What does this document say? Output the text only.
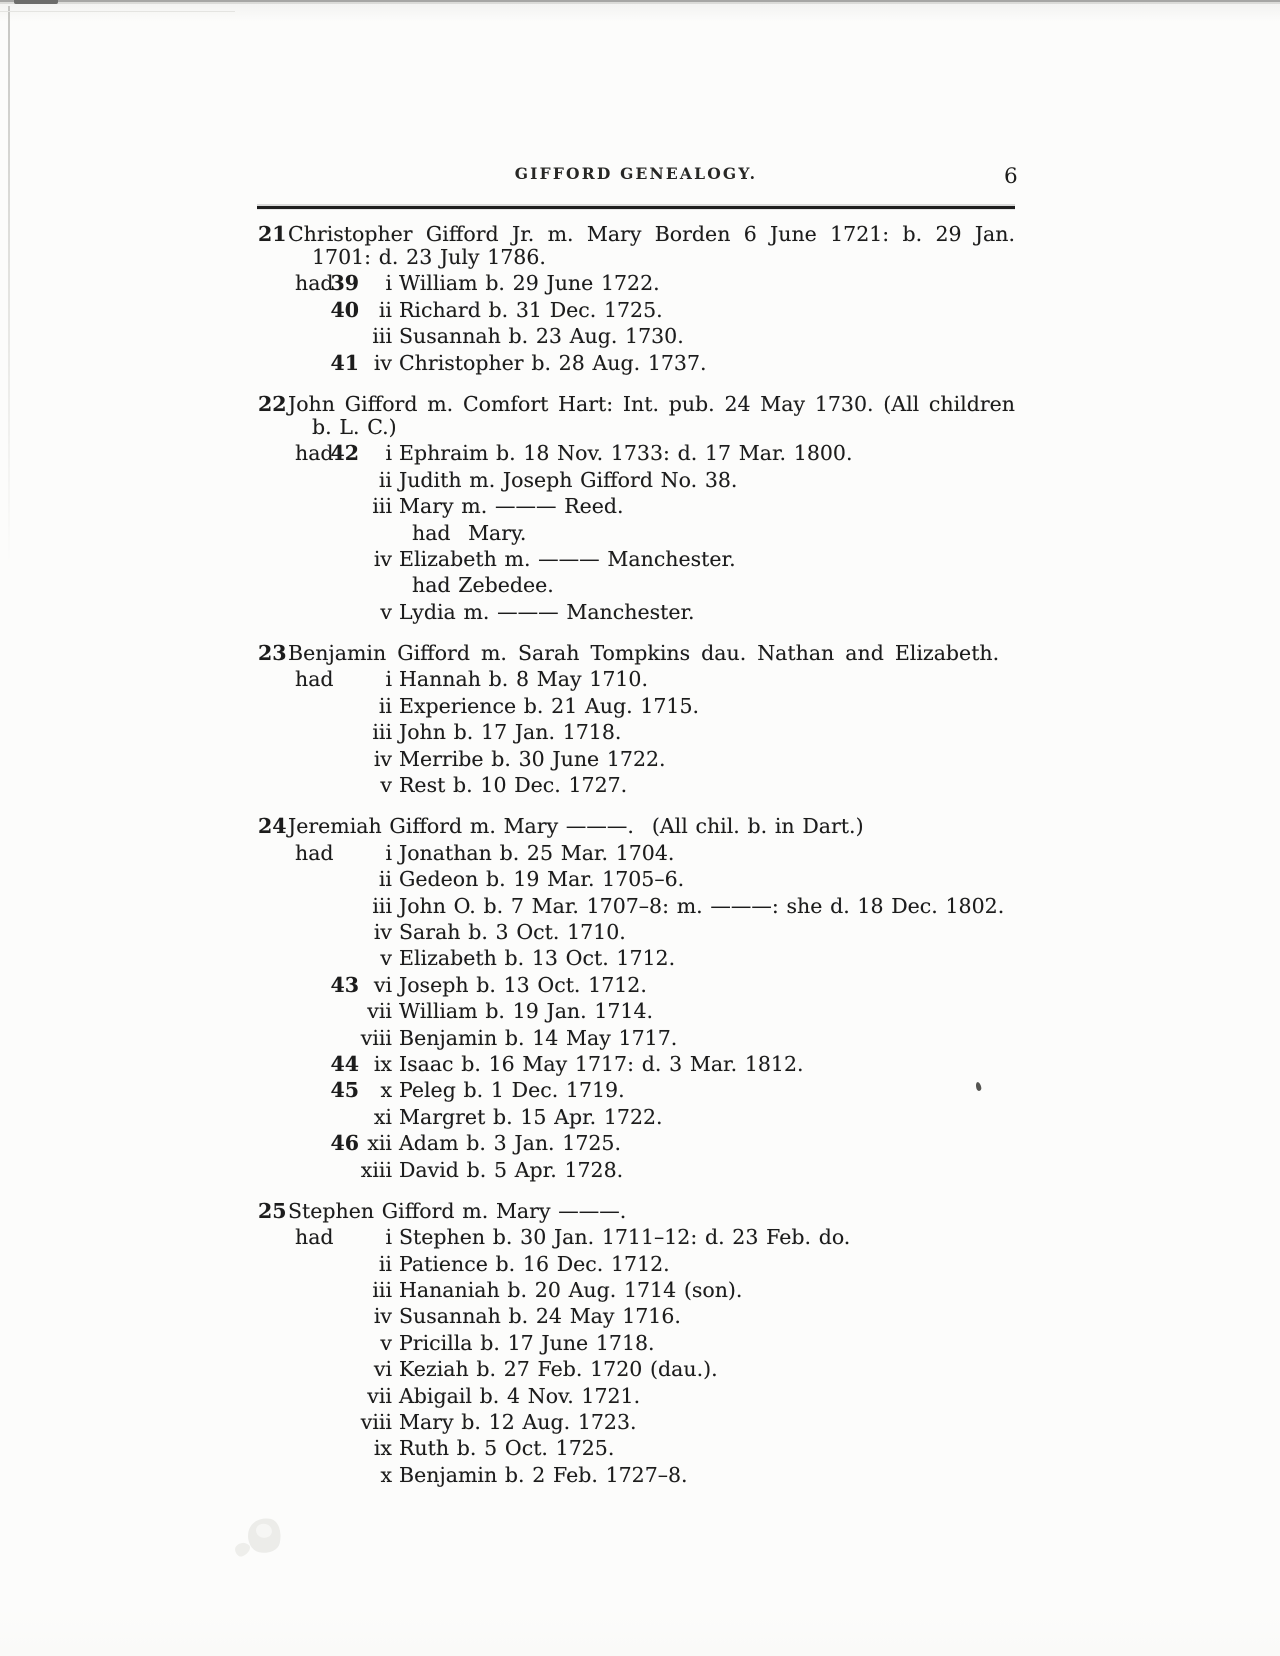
GIFFORD GENEALOGY.	6
21 Christopher Gifford Jr. m. Mary Borden 6 June 1721: b. 29 Jan.
1701: d. 23 July 1786.
had
39	i William b. 29 June 1722.
40 ii Richard b. 31 Dec. 1725.
iii Susannah b. 23 Aug. 1730.
41 iv Christopher b. 28 Aug. 1737.
22 John Gifford m. Comfort Hart: Int. pub. 24 May 1730. (All children
b. L. C.)
had
42	i Ephraim b. 18 Nov. 1733: d. 17 Mar. 1800.
ii Judith m. Joseph Gifford No. 38.
iii Mary m. ——— Reed.
had Mary.
iv Elizabeth m. ——— Manchester.
had Zebedee.
v Lydia m. ——— Manchester.
23 Benjamin Gifford m. Sarah Tompkins dau. Nathan and Elizabeth.
had	i Hannah b. 8 May 1710.
ii Experience b. 21 Aug. 1715.
iii John b. 17 Jan. 1718.
iv Merribe b. 30 June 1722.
v Rest b. 10 Dec. 1727.
24 Jeremiah Gifford m. Mary ———.  (All chil. b. in Dart.)
had	i Jonathan b. 25 Mar. 1704.
ii Gedeon b. 19 Mar. 1705–6.
iii John O. b. 7 Mar. 1707–8: m. ———: she d. 18 Dec. 1802.
iv Sarah b. 3 Oct. 1710.
v Elizabeth b. 13 Oct. 1712.
43 vi Joseph b. 13 Oct. 1712.
vii William b. 19 Jan. 1714.
viii Benjamin b. 14 May 1717.
44 ix Isaac b. 16 May 1717: d. 3 Mar. 1812.
45	x Peleg b. 1 Dec. 1719.
xi Margret b. 15 Apr. 1722.
46 xii Adam b. 3 Jan. 1725.
xiii David b. 5 Apr. 1728.
25 Stephen Gifford m. Mary ———.
had	i Stephen b. 30 Jan. 1711–12: d. 23 Feb. do.
ii Patience b. 16 Dec. 1712.
iii Hananiah b. 20 Aug. 1714 (son).
iv Susannah b. 24 May 1716.
v Pricilla b. 17 June 1718.
vi Keziah b. 27 Feb. 1720 (dau.).
vii Abigail b. 4 Nov. 1721.
viii Mary b. 12 Aug. 1723.
ix Ruth b. 5 Oct. 1725.
x Benjamin b. 2 Feb. 1727–8.
